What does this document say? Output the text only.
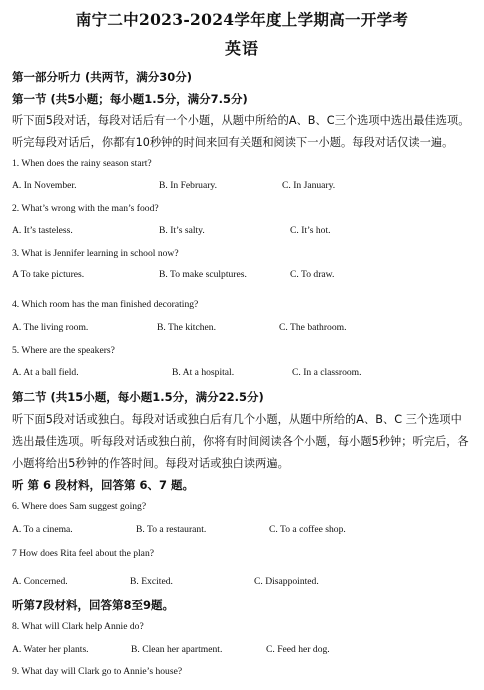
南宁二中2023-2024学年度上学期高一开学考
英语
第一部分听力 (共两节，满分30分)
第一节 (共5小题；每小题1.5分，满分7.5分)
听下面5段对话，每段对话后有一个小题，从题中所给的A、B、C三个选项中选出最佳选项。
听完每段对话后，你都有10秒钟的时间来回有关题和阅读下一小题。每段对话仅读一遍。
1. When does the rainy season start?
A. In November.	B. In February.	C. In January.
2. What’s wrong with the man’s food?
A. It’s tasteless.	B. It’s salty.	C. It’s hot.
3. What is Jennifer learning in school now?
A To take pictures.	B. To make sculptures.	C. To draw.
4. Which room has the man finished decorating?
A. The living room.	B. The kitchen.	C. The bathroom.
5. Where are the speakers?
A. At a ball field.	B. At a hospital.	C. In a classroom.
第二节 (共15小题，每小题1.5分，满分22.5分)
听下面5段对话或独白。每段对话或独白后有几个小题，从题中所给的A、B、C 三个选项中
选出最佳选项。听每段对话或独白前，你将有时间阅读各个小题，每小题5秒钟；听完后，各
小题将给出5秒钟的作答时间。每段对话或独白读两遍。
听 第 6 段材料，回答第 6、7 题。
6. Where does Sam suggest going?
A. To a cinema.	B. To a restaurant.	C. To a coffee shop.
7 How does Rita feel about the plan?
A. Concerned.	B. Excited.	C. Disappointed.
听第7段材料，回答第8至9题。
8. What will Clark help Annie do?
A. Water her plants.	B. Clean her apartment.	C. Feed her dog.
9. What day will Clark go to Annie’s house?
